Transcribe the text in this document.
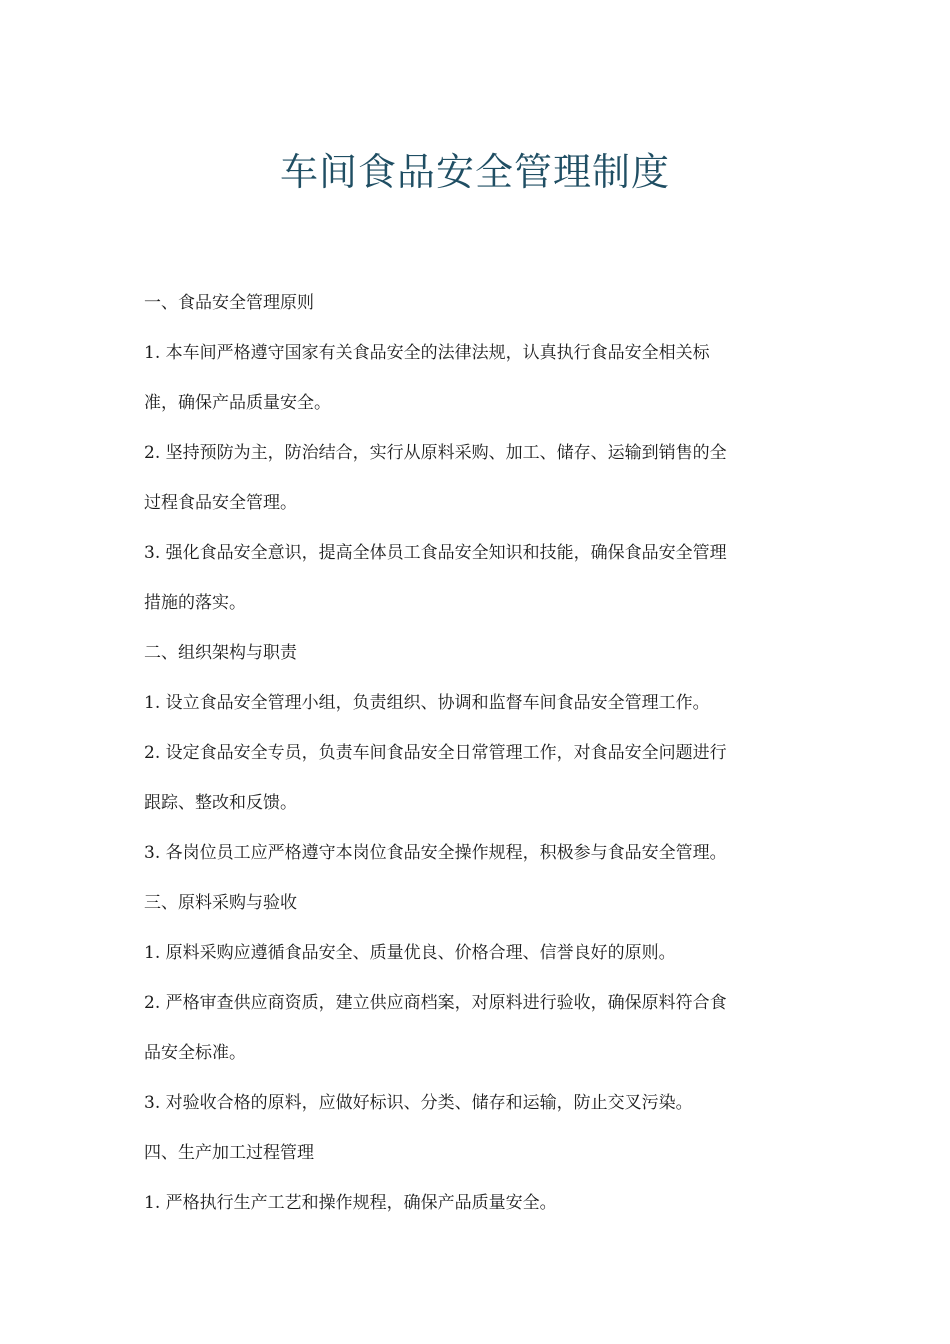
车间食品安全管理制度
一、食品安全管理原则
1. 本车间严格遵守国家有关食品安全的法律法规，认真执行食品安全相关标
准，确保产品质量安全。
2. 坚持预防为主，防治结合，实行从原料采购、加工、储存、运输到销售的全
过程食品安全管理。
3. 强化食品安全意识，提高全体员工食品安全知识和技能，确保食品安全管理
措施的落实。
二、组织架构与职责
1. 设立食品安全管理小组，负责组织、协调和监督车间食品安全管理工作。
2. 设定食品安全专员，负责车间食品安全日常管理工作，对食品安全问题进行
跟踪、整改和反馈。
3. 各岗位员工应严格遵守本岗位食品安全操作规程，积极参与食品安全管理。
三、原料采购与验收
1. 原料采购应遵循食品安全、质量优良、价格合理、信誉良好的原则。
2. 严格审查供应商资质，建立供应商档案，对原料进行验收，确保原料符合食
品安全标准。
3. 对验收合格的原料，应做好标识、分类、储存和运输，防止交叉污染。
四、生产加工过程管理
1. 严格执行生产工艺和操作规程，确保产品质量安全。
